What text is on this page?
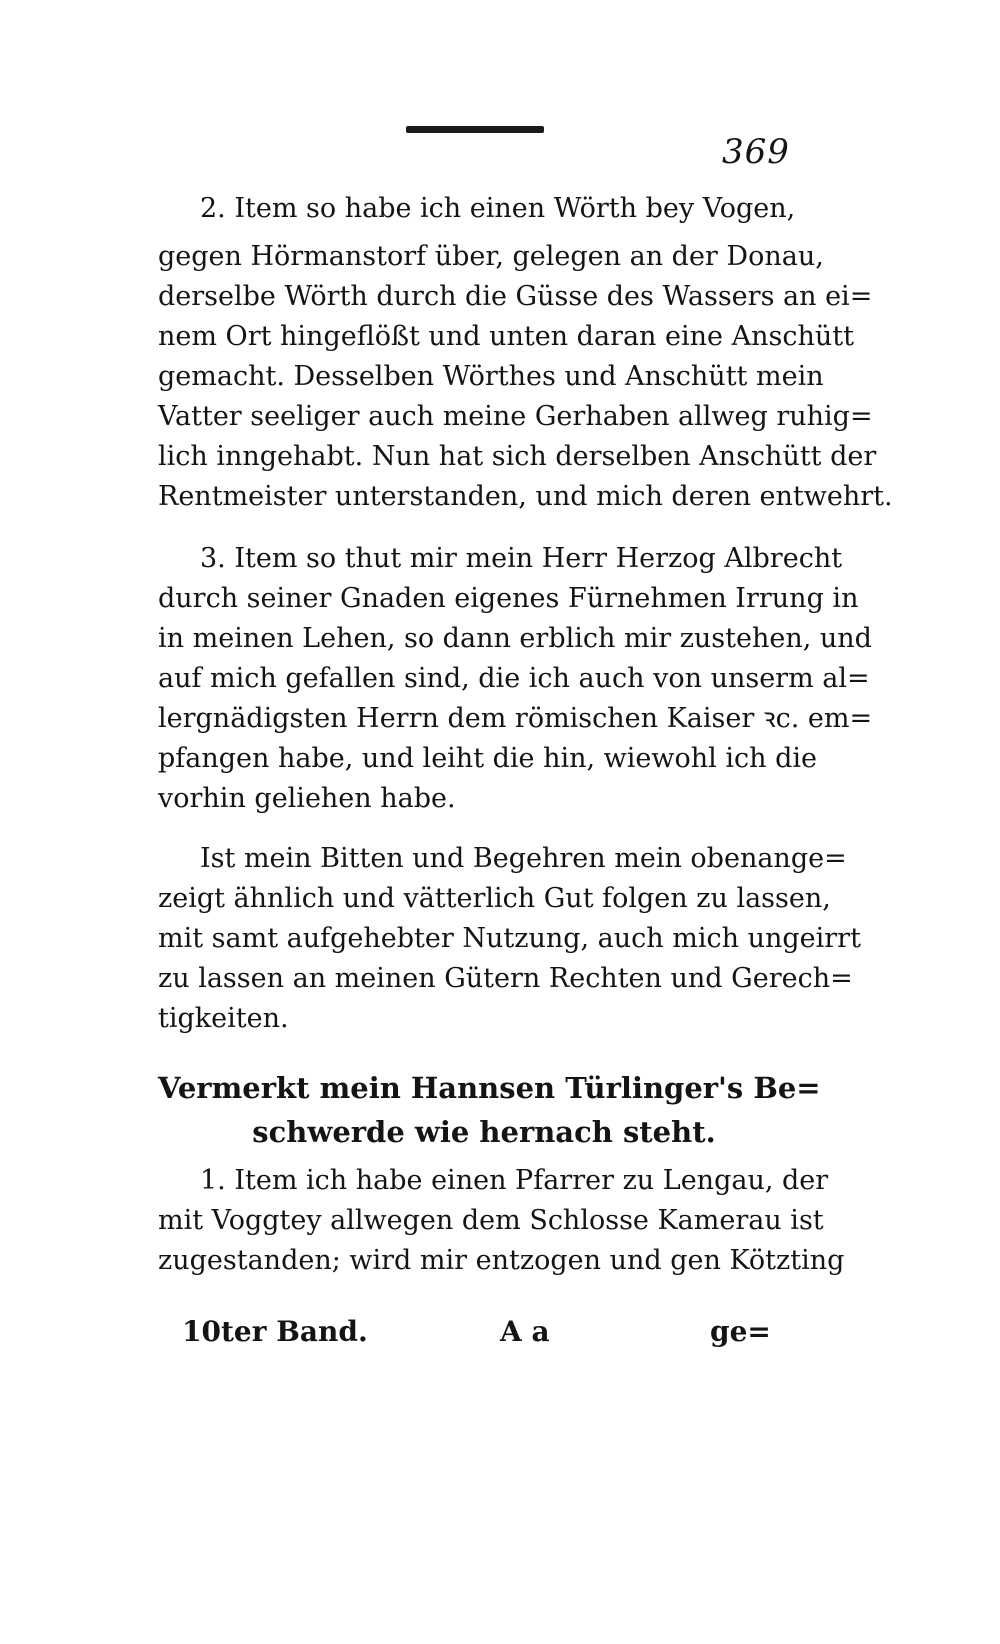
369
2. Item so habe ich einen Wörth bey Vogen,
gegen Hörmanstorf über, gelegen an der Donau,
derselbe Wörth durch die Güsse des Wassers an ei=
nem Ort hingeflößt und unten daran eine Anschütt
gemacht. Desselben Wörthes und Anschütt mein
Vatter seeliger auch meine Gerhaben allweg ruhig=
lich inngehabt. Nun hat sich derselben Anschütt der
Rentmeister unterstanden, und mich deren entwehrt.
3. Item so thut mir mein Herr Herzog Albrecht
durch seiner Gnaden eigenes Fürnehmen Irrung in
in meinen Lehen, so dann erblich mir zustehen, und
auf mich gefallen sind, die ich auch von unserm al=
lergnädigsten Herrn dem römischen Kaiser ꝛc. em=
pfangen habe, und leiht die hin, wiewohl ich die
vorhin geliehen habe.
Ist mein Bitten und Begehren mein obenange=
zeigt ähnlich und vätterlich Gut folgen zu lassen,
mit samt aufgehebter Nutzung, auch mich ungeirrt
zu lassen an meinen Gütern Rechten und Gerech=
tigkeiten.
Vermerkt mein Hannsen Türlinger's Be=
schwerde wie hernach steht.
1. Item ich habe einen Pfarrer zu Lengau, der
mit Voggtey allwegen dem Schlosse Kamerau ist
zugestanden; wird mir entzogen und gen Kötzting
10ter Band.	A a	ge=
